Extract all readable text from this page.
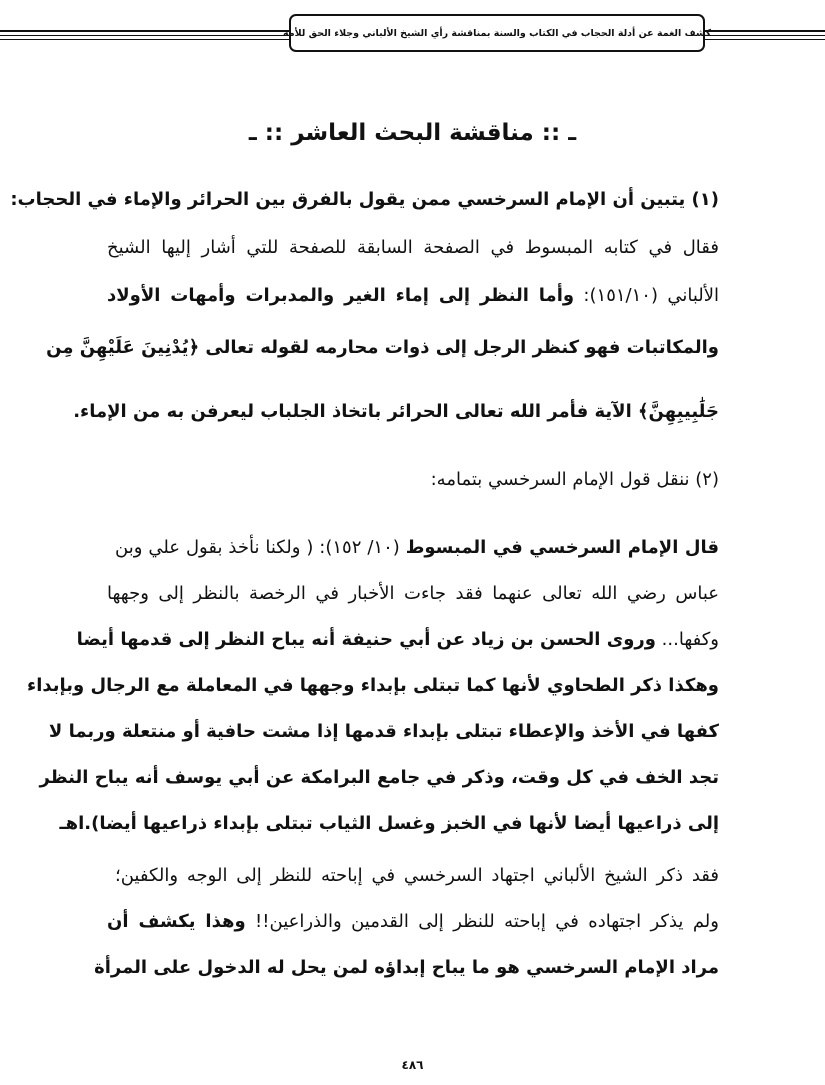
كشف الغمة عن أدلة الحجاب في الكتاب والسنة بمناقشة رأي الشيخ الألباني وجلاء الحق للأمة
ـ :: مناقشة البحث العاشر :: ـ
(١) يتبين أن الإمام السرخسي ممن يقول بالفرق بين الحرائر والإماء في الحجاب:
فقال في كتابه المبسوط في الصفحة السابقة للصفحة للتي أشار إليها الشيخ
الألباني (١٥١/١٠): وأما النظر إلى إماء الغير والمدبرات وأمهات الأولاد
والمكاتبات فهو كنظر الرجل إلى ذوات محارمه لقوله تعالى ﴿يُدْنِينَ عَلَيْهِنَّ مِن
جَلَٰبِيبِهِنَّ﴾ الآية فأمر الله تعالى الحرائر باتخاذ الجلباب ليعرفن به من الإماء.
(٢) ننقل قول الإمام السرخسي بتمامه:
قال الإمام السرخسي في المبسوط (١٠/ ١٥٢): ( ولكنا نأخذ بقول علي وبن
عباس رضي الله تعالى عنهما فقد جاءت الأخبار في الرخصة بالنظر إلى وجهها
وكفها... وروى الحسن بن زياد عن أبي حنيفة أنه يباح النظر إلى قدمها أيضا
وهكذا ذكر الطحاوي لأنها كما تبتلى بإبداء وجهها في المعاملة مع الرجال وبإبداء
كفها في الأخذ والإعطاء تبتلى بإبداء قدمها إذا مشت حافية أو منتعلة وربما لا
تجد الخف في كل وقت، وذكر في جامع البرامكة عن أبي يوسف أنه يباح النظر
إلى ذراعيها أيضا لأنها في الخبز وغسل الثياب تبتلى بإبداء ذراعيها أيضا).اهـ
فقد ذكر الشيخ الألباني اجتهاد السرخسي في إباحته للنظر إلى الوجه والكفين؛
ولم يذكر اجتهاده في إباحته للنظر إلى القدمين والذراعين!! وهذا يكشف أن
مراد الإمام السرخسي هو ما يباح إبداؤه لمن يحل له الدخول على المرأة
٤٨٦
